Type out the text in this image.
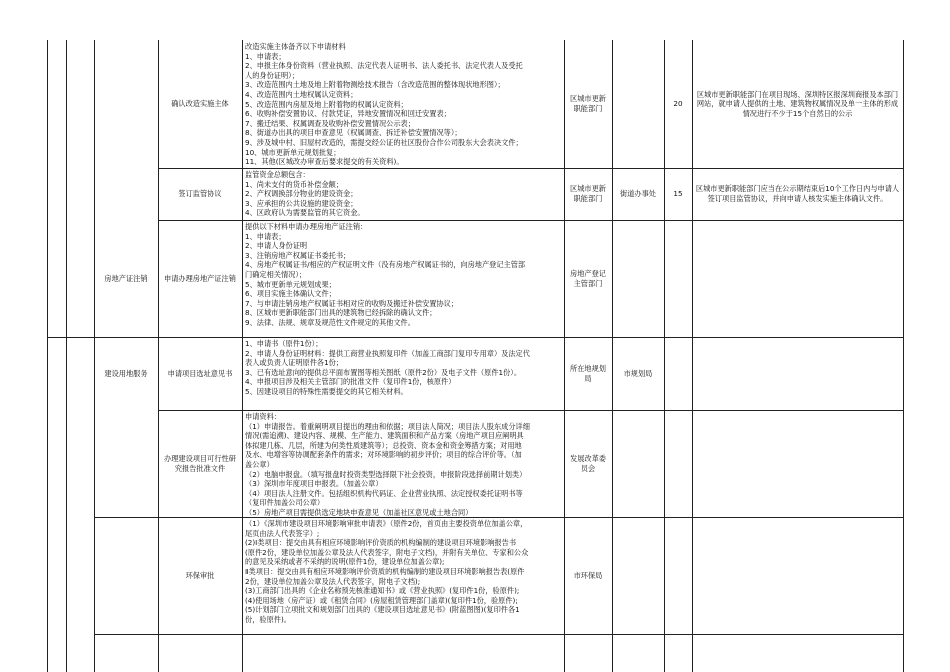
确认改造实施主体
改造实施主体备齐以下申请材料
1、申请表；
2、申报主体身份资料（营业执照、法定代表人证明书、法人委托书、法定代表人及受托
人的身份证明）；
3、改造范围内土地及地上附着物测绘技术报告（含改造范围的整体现状地形图）；
4、改造范围内土地权属认定资料；
5、改造范围内房屋及地上附着物的权属认定资料；
6、收购补偿安置协议、付款凭证，异地安置情况和回迁安置表；
7、搬迁结果、权属调查及收购补偿安置情况公示表；
8、街道办出具的项目申查意见（权属调查、拆迁补偿安置情况等）；
9、涉及城中村、旧屋村改造的，需提交经公证的社区股份合作公司股东大会表决文件；
10、城市更新单元规划批复；
11、其他(区城改办审查后要求提交的有关资料)。
区城市更新职能部门
20
区城市更新职能部门在项目现场、深圳特区报深圳商报及本部门网站，就申请人提供的土地、建筑物权属情况及单一主体的形成情况进行不少于15个自然日的公示
签订监管协议
监管资金总额包含：
1、尚未支付的货币补偿金额；
2、产权调换部分物业的建设资金；
3、应承担的公共设施的建设资金；
4、区政府认为需要监管的其它资金。
区城市更新职能部门
街道办事处 15
区城市更新职能部门应当在公示期结束后10个工作日内与申请人签订项目监管协议，并向申请人核发实施主体确认文件。
房地产证注销 申请办理房地产证注销
提供以下材料申请办理房地产证注销：
1、申请表；
2、申请人身份证明
3、注销房地产权属证书委托书；
4、房地产权属证书/相应的产权证明文件（没有房地产权属证书的，向房地产登记主管部
门确定相关情况）；
5、城市更新单元规划成果；
6、项目实施主体确认文件；
7、与申请注销房地产权属证书相对应的收购及搬迁补偿安置协议；
8、区城市更新职能部门出具的建筑物已经拆除的确认文件；
9、法律、法规、规章及规范性文件规定的其他文件。
房地产登记主管部门
建设用地服务	申请项目选址意见书
1、申请书（原件1份）；
2、申请人身份证明材料：提供工商营业执照复印件（加盖工商部门复印专用章）及法定代
表人或负责人证明原件各1份；
3、已有选址意向的提供总平面布置图等相关图纸（原件2份）及电子文件（原件1份）。
4、申报项目涉及相关主管部门的批准文件（复印件1份，核原件）
5、因建设项目的特殊性需要提交的其它相关材料。
所在地规划局
市规划局
办理建设项目可行性研究报告批准文件
申请资料：
（1）申请报告。着重阐明项目提出的理由和依据；项目法人简况；项目法人股东成分详细
情况(需追溯)、建设内容、规模、生产能力、建筑面积和产品方案（房地产项目应阐明具
体拟建几栋、几层，所建为何类性质建筑等）；总投资、资本金和资金筹措方案；对用地
及水、电增容等协调配套条件的需求；对环境影响的初步评价；项目的综合评价等。（加
盖公章）
（2）电脑申报盘。（填写报盘时投资类型选择限下社会投资，申报阶段选择前期计划类）
（3）深圳市年度项目申报表。（加盖公章）
（4）项目法人注册文件。包括组织机构代码证、企业营业执照、法定授权委托证明书等
（复印件加盖公司公章）
（5）房地产项目需提供选定地块申查意见（加盖社区意见或土地合同）
发展改革委员会
环保审批
（1）《深圳市建设项目环境影响审批申请表》（原件2份，首页由主要投资单位加盖公章，
尾页由法人代表签字）;
(2)Ⅰ类项目：提交由具有相应环境影响评价资质的机构编制的建设项目环境影响报告书
(原件2份，建设单位加盖公章及法人代表签字，附电子文档)，并附有关单位、专家和公众
的意见及采纳或者不采纳的说明(原件1份，建设单位加盖公章);
Ⅱ类项目：提交由具有相应环境影响评价资质的机构编制的建设项目环境影响报告表(原件
2份，建设单位加盖公章及法人代表签字，附电子文档);
(3)工商部门出具的《企业名称预先核准通知书》或《营业执照》(复印件1份，验原件);
(4)使用场地（房产证）或《租赁合同》(房屋租赁管理部门盖章)(复印件1份，验原件);
(5)计划部门立项批文和规划部门出具的《建设项目选址意见书》(附蓝图图)(复印件各1
份，验原件)。
市环保局
